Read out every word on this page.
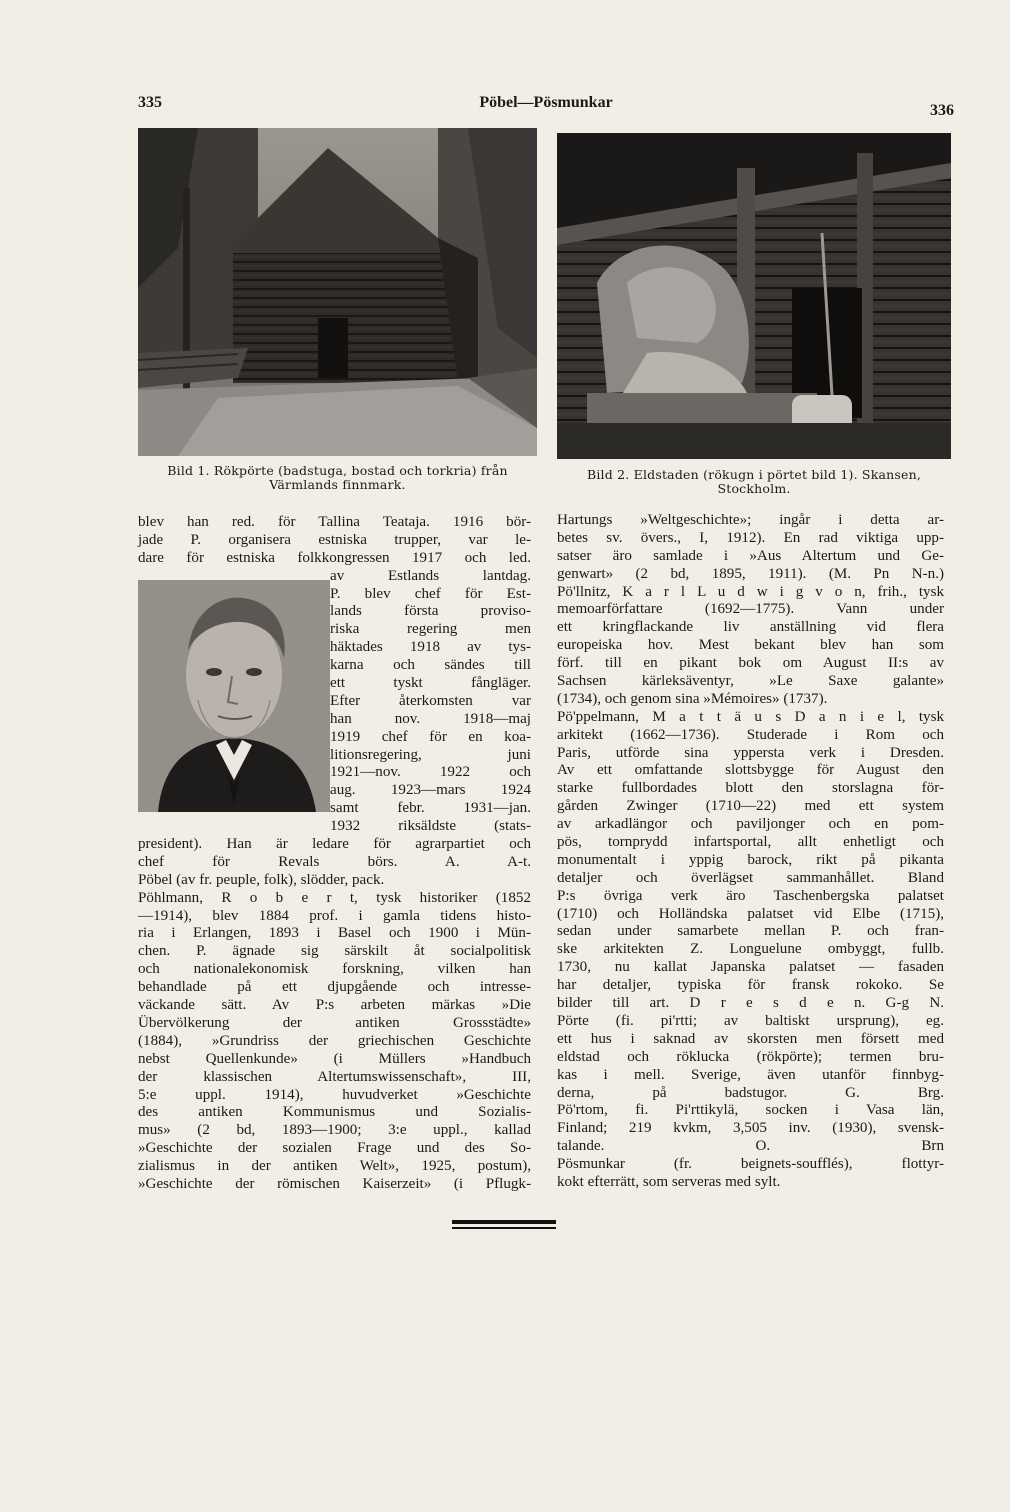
335	Pöbel—Pösmunkar	336
Bild 1. Rökpörte (badstuga, bostad och torkria) från
Värmlands finnmark.
Bild 2. Eldstaden (rökugn i pörtet bild 1). Skansen,
Stockholm.
blev han red. för Tallina Teataja. 1916 bör-
jade P. organisera estniska trupper, var le-
dare för estniska folkkongressen 1917 och led.
av Estlands lantdag.
P. blev chef för Est-
lands första proviso-
riska regering men
häktades 1918 av tys-
karna och sändes till
ett tyskt fångläger.
Efter återkomsten var
han nov. 1918—maj
1919 chef för en koa-
litionsregering, juni
1921—nov. 1922 och
aug. 1923—mars 1924
samt febr. 1931—jan.
1932 riksäldste (stats-
president). Han är ledare för agrarpartiet och
chef för Revals börs. A. A-t.
Pöbel (av fr. peuple, folk), slödder, pack.
Pöhlmann, R o b e r t, tysk historiker (1852
—1914), blev 1884 prof. i gamla tidens histo-
ria i Erlangen, 1893 i Basel och 1900 i Mün-
chen. P. ägnade sig särskilt åt socialpolitisk
och nationalekonomisk forskning, vilken han
behandlade på ett djupgående och intresse-
väckande sätt. Av P:s arbeten märkas »Die
Übervölkerung der antiken Grossstädte»
(1884), »Grundriss der griechischen Geschichte
nebst Quellenkunde» (i Müllers »Handbuch
der klassischen Altertumswissenschaft», III,
5:e uppl. 1914), huvudverket »Geschichte
des antiken Kommunismus und Sozialis-
mus» (2 bd, 1893—1900; 3:e uppl., kallad
»Geschichte der sozialen Frage und des So-
zialismus in der antiken Welt», 1925, postum),
»Geschichte der römischen Kaiserzeit» (i Pflugk-
Hartungs »Weltgeschichte»; ingår i detta ar-
betes sv. övers., I, 1912). En rad viktiga upp-
satser äro samlade i »Aus Altertum und Ge-
genwart» (2 bd, 1895, 1911). (M. Pn N-n.)
Pö'llnitz, K a r l L u d w i g v o n, frih., tysk
memoarförfattare (1692—1775). Vann under
ett kringflackande liv anställning vid flera
europeiska hov. Mest bekant blev han som
förf. till en pikant bok om August II:s av
Sachsen kärleksäventyr, »Le Saxe galante»
(1734), och genom sina »Mémoires» (1737).
Pö'ppelmann, M a t t ä u s D a n i e l, tysk
arkitekt (1662—1736). Studerade i Rom och
Paris, utförde sina yppersta verk i Dresden.
Av ett omfattande slottsbygge för August den
starke fullbordades blott den storslagna för-
gården Zwinger (1710—22) med ett system
av arkadlängor och paviljonger och en pom-
pös, tornprydd infartsportal, allt enhetligt och
monumentalt i yppig barock, rikt på pikanta
detaljer och överlägset sammanhållet. Bland
P:s övriga verk äro Taschenbergska palatset
(1710) och Holländska palatset vid Elbe (1715),
sedan under samarbete mellan P. och fran-
ske arkitekten Z. Longuelune ombyggt, fullb.
1730, nu kallat Japanska palatset — fasaden
har detaljer, typiska för fransk rokoko. Se
bilder till art. D r e s d e n. G-g N.
Pörte (fi. pi'rtti; av baltiskt ursprung), eg.
ett hus i saknad av skorsten men försett med
eldstad och röklucka (rökpörte); termen bru-
kas i mell. Sverige, även utanför finnbyg-
derna, på badstugor. G. Brg.
Pö'rtom, fi. Pi'rttikylä, socken i Vasa län,
Finland; 219 kvkm, 3,505 inv. (1930), svensk-
talande. O. Brn
Pösmunkar (fr. beignets-soufflés), flottyr-
kokt efterrätt, som serveras med sylt.
